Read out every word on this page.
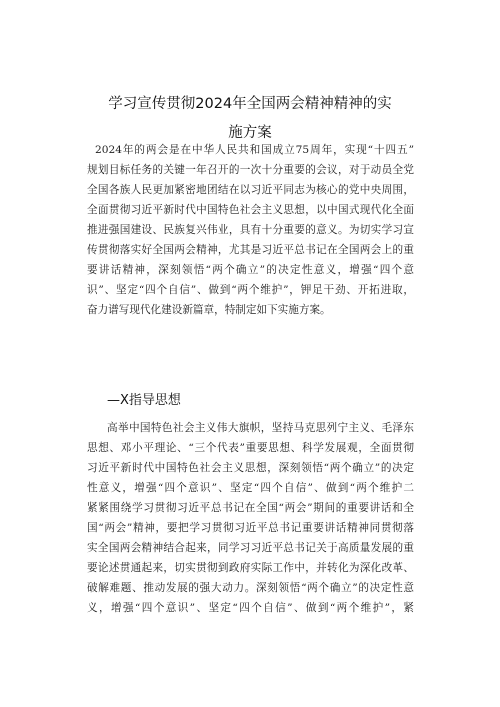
学习宣传贯彻2024年全国两会精神精神的实
施方案
2024年的两会是在中华人民共和国成立75周年，实现“十四五”
规划目标任务的关键一年召开的一次十分重要的会议，对于动员全党
全国各族人民更加紧密地团结在以习近平同志为核心的党中央周围，
全面贯彻习近平新时代中国特色社会主义思想，以中国式现代化全面
推进强国建设、民族复兴伟业，具有十分重要的意义。为切实学习宣
传贯彻落实好全国两会精神，尤其是习近平总书记在全国两会上的重
要讲话精神，深刻领悟“两个确立”的决定性意义，增强“四个意
识”、坚定“四个自信”、做到“两个维护”，钾足干劲、开拓进取，
奋力谱写现代化建设新篇章，特制定如下实施方案。
—X指导思想
高举中国特色社会主义伟大旗帜，坚持马克思列宁主义、毛泽东
思想、邓小平理论、“三个代表”重要思想、科学发展观，全面贯彻
习近平新时代中国特色社会主义思想，深刻领悟“两个确立”的决定
性意义，增强“四个意识”、坚定“四个自信”、做到“两个维护二
紧紧围绕学习贯彻习近平总书记在全国“两会”期间的重要讲话和全
国“两会”精神，要把学习贯彻习近平总书记重要讲话精神同贯彻落
实全国两会精神结合起来，同学习习近平总书记关于高质量发展的重
要论述贯通起来，切实贯彻到政府实际工作中，并转化为深化改革、
破解难题、推动发展的强大动力。深刻领悟“两个确立”的决定性意
义，增强“四个意识”、坚定“四个自信”、做到“两个维护”，紧
